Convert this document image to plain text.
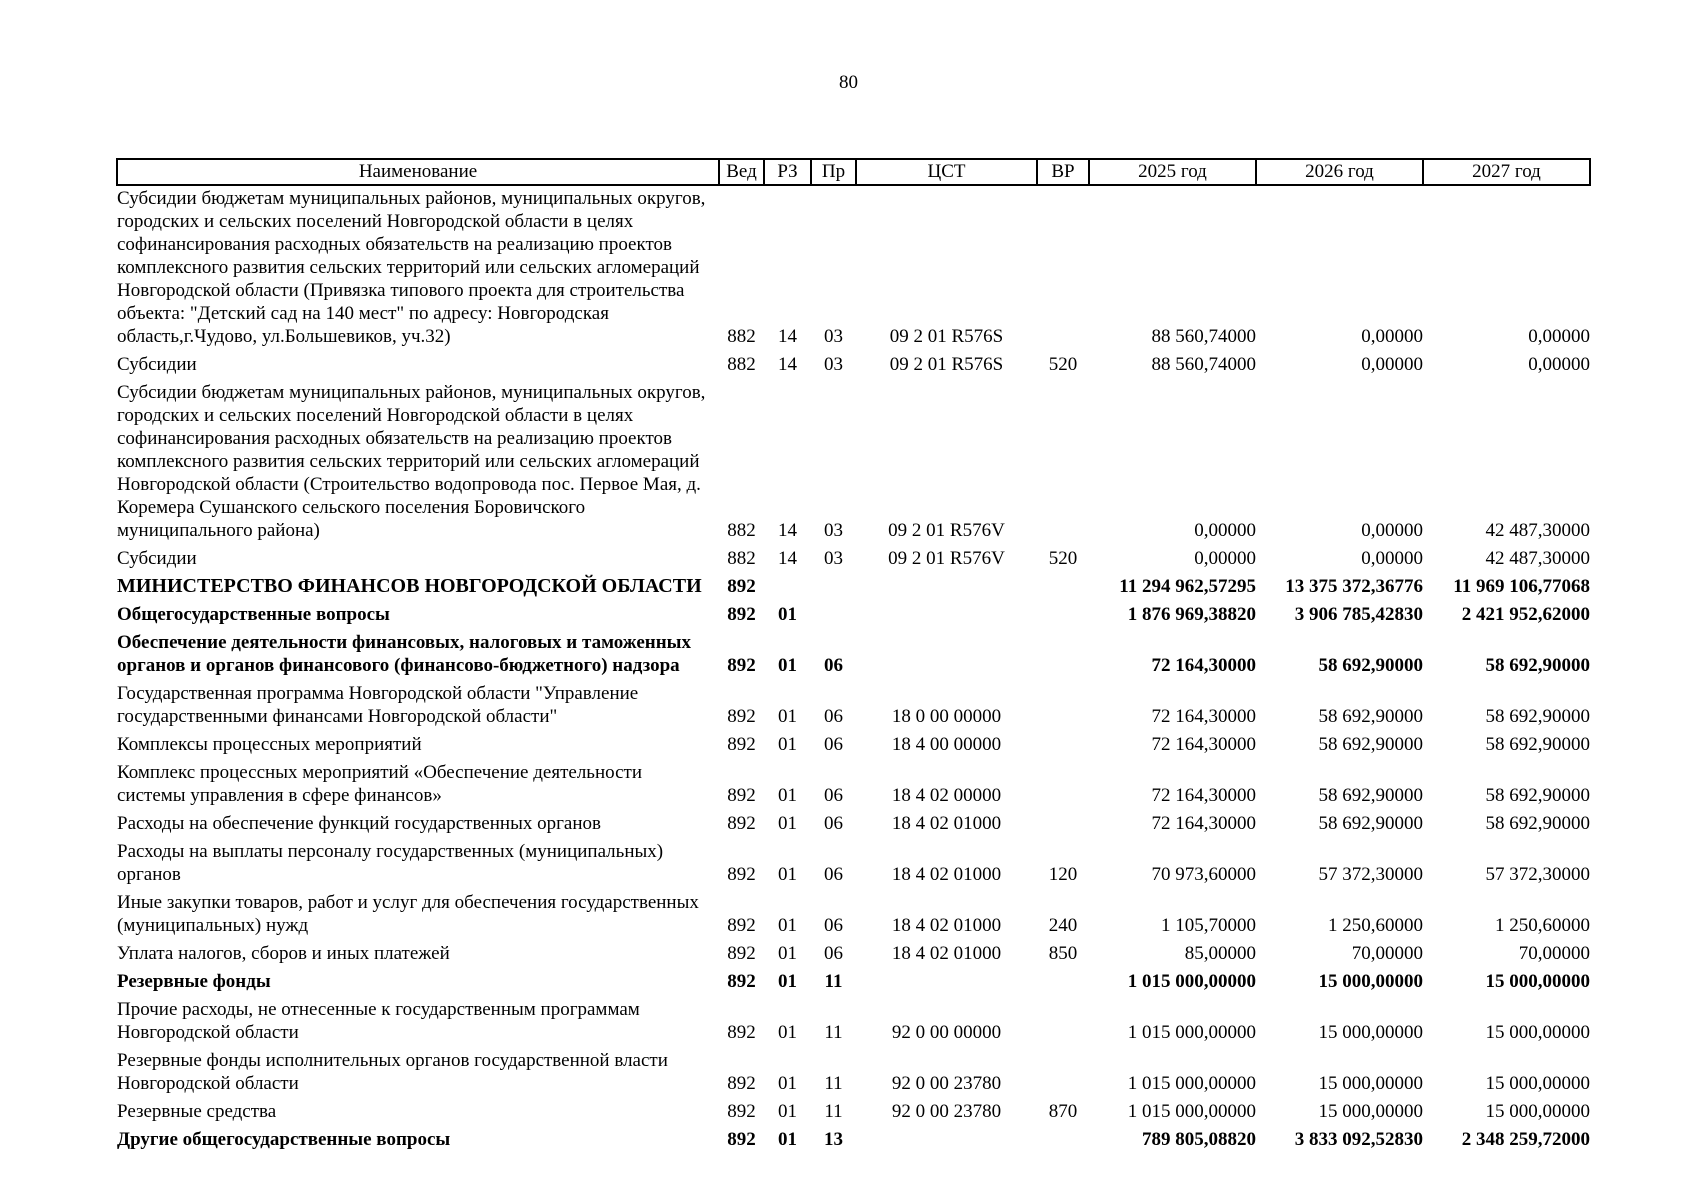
80
Наименование	Вед	РЗ	Пр	ЦСТ	ВР	2025 год	2026 год	2027 год
Субсидии бюджетам муниципальных районов, муниципальных округов, городских и сельских поселений Новгородской области в целях софинансирования расходных обязательств на реализацию проектов комплексного развития сельских территорий или сельских агломераций Новгородской области (Привязка типового проекта для строительства объекта: "Детский сад на 140 мест" по адресу: Новгородская область,г.Чудово, ул.Большевиков, уч.32)	882	14	03	09 2 01 R576S		88 560,74000	0,00000	0,00000
Субсидии	882	14	03	09 2 01 R576S	520	88 560,74000	0,00000	0,00000
Субсидии бюджетам муниципальных районов, муниципальных округов, городских и сельских поселений Новгородской области в целях софинансирования расходных обязательств на реализацию проектов комплексного развития сельских территорий или сельских агломераций Новгородской области (Строительство водопровода пос. Первое Мая, д. Коремера Сушанского сельского поселения Боровичского муниципального района)	882	14	03	09 2 01 R576V		0,00000	0,00000	42 487,30000
Субсидии	882	14	03	09 2 01 R576V	520	0,00000	0,00000	42 487,30000
МИНИСТЕРСТВО ФИНАНСОВ НОВГОРОДСКОЙ ОБЛАСТИ	892					11 294 962,57295	13 375 372,36776	11 969 106,77068
Общегосударственные вопросы	892	01				1 876 969,38820	3 906 785,42830	2 421 952,62000
Обеспечение деятельности финансовых, налоговых и таможенных органов и органов финансового (финансово-бюджетного) надзора	892	01	06			72 164,30000	58 692,90000	58 692,90000
Государственная программа Новгородской области "Управление государственными финансами Новгородской области"	892	01	06	18 0 00 00000		72 164,30000	58 692,90000	58 692,90000
Комплексы процессных мероприятий	892	01	06	18 4 00 00000		72 164,30000	58 692,90000	58 692,90000
Комплекс процессных мероприятий «Обеспечение деятельности системы управления в сфере финансов»	892	01	06	18 4 02 00000		72 164,30000	58 692,90000	58 692,90000
Расходы на обеспечение функций государственных органов	892	01	06	18 4 02 01000		72 164,30000	58 692,90000	58 692,90000
Расходы на выплаты персоналу государственных (муниципальных) органов	892	01	06	18 4 02 01000	120	70 973,60000	57 372,30000	57 372,30000
Иные закупки товаров, работ и услуг для обеспечения государственных (муниципальных) нужд	892	01	06	18 4 02 01000	240	1 105,70000	1 250,60000	1 250,60000
Уплата налогов, сборов и иных платежей	892	01	06	18 4 02 01000	850	85,00000	70,00000	70,00000
Резервные фонды	892	01	11			1 015 000,00000	15 000,00000	15 000,00000
Прочие расходы, не отнесенные к государственным программам Новгородской области	892	01	11	92 0 00 00000		1 015 000,00000	15 000,00000	15 000,00000
Резервные фонды исполнительных органов государственной власти Новгородской области	892	01	11	92 0 00 23780		1 015 000,00000	15 000,00000	15 000,00000
Резервные средства	892	01	11	92 0 00 23780	870	1 015 000,00000	15 000,00000	15 000,00000
Другие общегосударственные вопросы	892	01	13			789 805,08820	3 833 092,52830	2 348 259,72000
